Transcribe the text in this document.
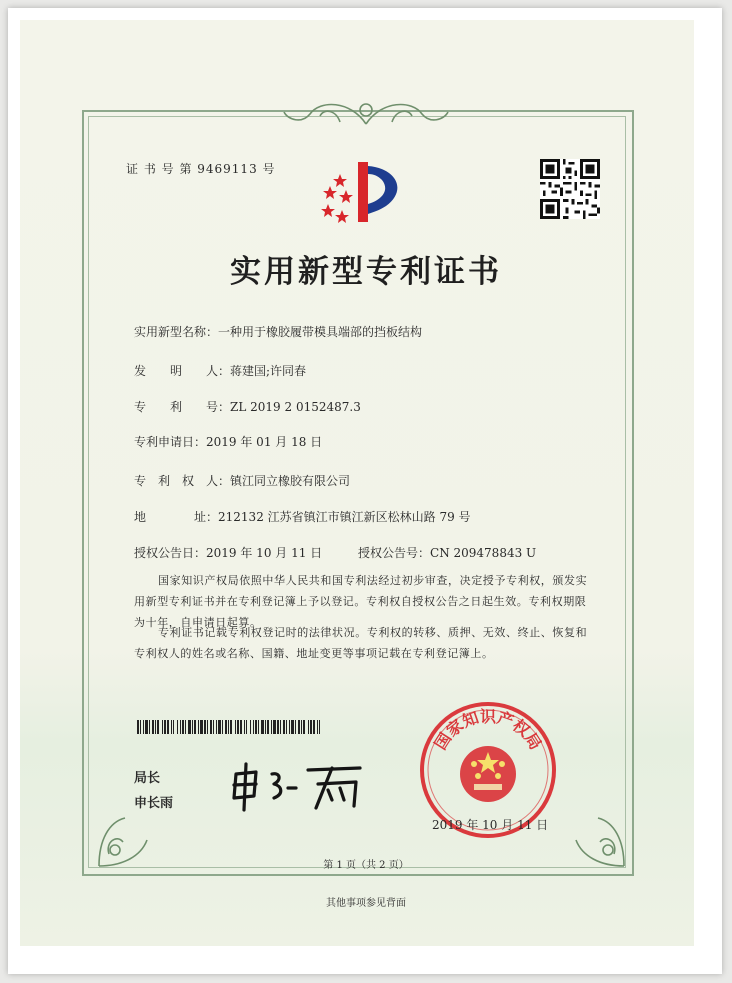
证 书 号 第 9469113 号
实用新型专利证书
实用新型名称：一种用于橡胶履带模具端部的挡板结构
发　　明　　人：蒋建国;许同春
专　　利　　号：ZL 2019 2 0152487.3
专利申请日：2019 年 01 月 18 日
专　利　权　人：镇江同立橡胶有限公司
地　　　　址：212132 江苏省镇江市镇江新区松林山路 79 号
授权公告日：2019 年 10 月 11 日	授权公告号：CN 209478843 U
国家知识产权局依照中华人民共和国专利法经过初步审查，决定授予专利权，颁发实用新型专利证书并在专利登记簿上予以登记。专利权自授权公告之日起生效。专利权期限为十年，自申请日起算。
专利证书记载专利权登记时的法律状况。专利权的转移、质押、无效、终止、恢复和专利权人的姓名或名称、国籍、地址变更等事项记载在专利登记簿上。
局长
申长雨
国家知识产权局
2019 年 10 月 11 日
第 1 页（共 2 页）
其他事项参见背面
